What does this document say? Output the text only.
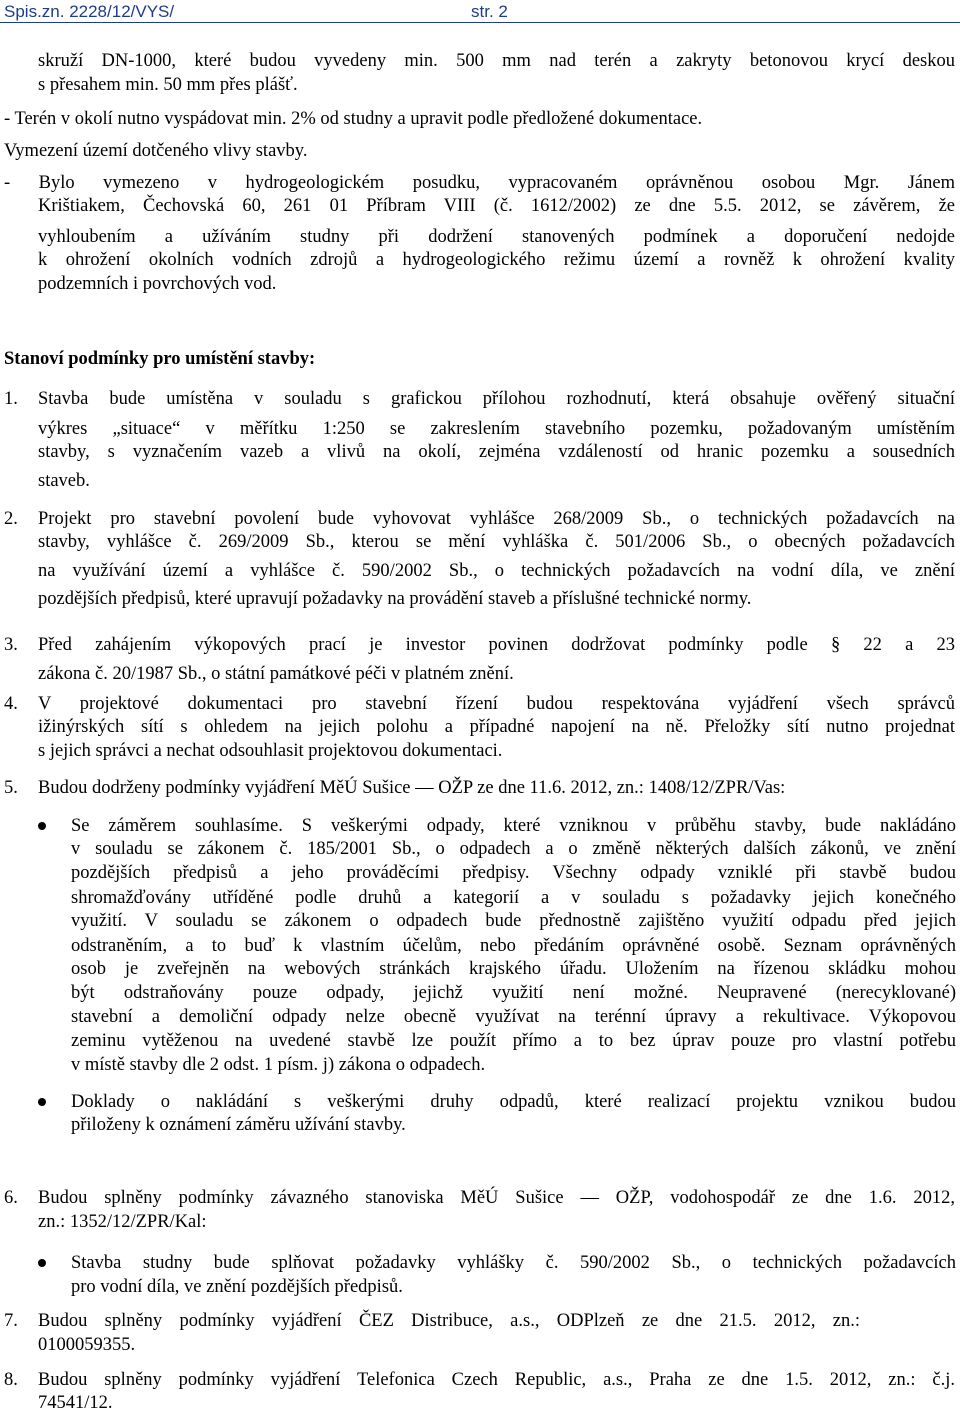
Spis.zn. 2228/12/VYS/	str. 2
skruží DN-1000, které budou vyvedeny min. 500 mm nad terén a zakryty betonovou krycí deskou
s přesahem min. 50 mm přes plášť.
- Terén v okolí nutno vyspádovat min. 2% od studny a upravit podle předložené dokumentace.
Vymezení území dotčeného vlivy stavby.
- Bylo vymezeno v hydrogeologickém posudku, vypracovaném oprávněnou osobou Mgr. Jánem
Krištiakem, Čechovská 60, 261 01 Příbram VIII (č. 1612/2002) ze dne 5.5. 2012, se závěrem, že
vyhloubením a užíváním studny při dodržení stanovených podmínek a doporučení nedojde
k ohrožení okolních vodních zdrojů a hydrogeologického režimu území a rovněž k ohrožení kvality
podzemních i povrchových vod.
Stanoví podmínky pro umístění stavby:
1. Stavba bude umístěna v souladu s grafickou přílohou rozhodnutí, která obsahuje ověřený situační
výkres „situace“ v měřítku 1:250 se zakreslením stavebního pozemku, požadovaným umístěním
stavby, s vyznačením vazeb a vlivů na okolí, zejména vzdáleností od hranic pozemku a sousedních
staveb.
2. Projekt pro stavební povolení bude vyhovovat vyhlášce 268/2009 Sb., o technických požadavcích na
stavby, vyhlášce č. 269/2009 Sb., kterou se mění vyhláška č. 501/2006 Sb., o obecných požadavcích
na využívání území a vyhlášce č. 590/2002 Sb., o technických požadavcích na vodní díla, ve znění
pozdějších předpisů, které upravují požadavky na provádění staveb a příslušné technické normy.
3. Před zahájením výkopových prací je investor povinen dodržovat podmínky podle § 22 a 23
zákona č. 20/1987 Sb., o státní památkové péči v platném znění.
4. V projektové dokumentaci pro stavební řízení budou respektována vyjádření všech správců
ižinýrských sítí s ohledem na jejich polohu a případné napojení na ně. Přeložky sítí nutno projednat
s jejich správci a nechat odsouhlasit projektovou dokumentaci.
5. Budou dodrženy podmínky vyjádření MěÚ Sušice — OŽP ze dne 11.6. 2012, zn.: 1408/12/ZPR/Vas:
Se záměrem souhlasíme. S veškerými odpady, které vzniknou v průběhu stavby, bude nakládáno
v souladu se zákonem č. 185/2001 Sb., o odpadech a o změně některých dalších zákonů, ve znění
pozdějších předpisů a jeho prováděcími předpisy. Všechny odpady vzniklé při stavbě budou
shromažďovány utříděné podle druhů a kategorií a v souladu s požadavky jejich konečného
využití. V souladu se zákonem o odpadech bude přednostně zajištěno využití odpadu před jejich
odstraněním, a to buď k vlastním účelům, nebo předáním oprávněné osobě. Seznam oprávněných
osob je zveřejněn na webových stránkách krajského úřadu. Uložením na řízenou skládku mohou
být odstraňovány pouze odpady, jejichž využití není možné. Neupravené (nerecyklované)
stavební a demoliční odpady nelze obecně využívat na terénní úpravy a rekultivace. Výkopovou
zeminu vytěženou na uvedené stavbě lze použít přímo a to bez úprav pouze pro vlastní potřebu
v místě stavby dle 2 odst. 1 písm. j) zákona o odpadech.
Doklady o nakládání s veškerými druhy odpadů, které realizací projektu vznikou budou
přiloženy k oznámení záměru užívání stavby.
6. Budou splněny podmínky závazného stanoviska MěÚ Sušice — OŽP, vodohospodář ze dne 1.6. 2012,
zn.: 1352/12/ZPR/Kal:
Stavba studny bude splňovat požadavky vyhlášky č. 590/2002 Sb., o technických požadavcích
pro vodní díla, ve znění pozdějších předpisů.
7. Budou splněny podmínky vyjádření ČEZ Distribuce, a.s., ODPlzeň ze dne 21.5. 2012, zn.:
0100059355.
8. Budou splněny podmínky vyjádření Telefonica Czech Republic, a.s., Praha ze dne 1.5. 2012, zn.: č.j.
74541/12.
